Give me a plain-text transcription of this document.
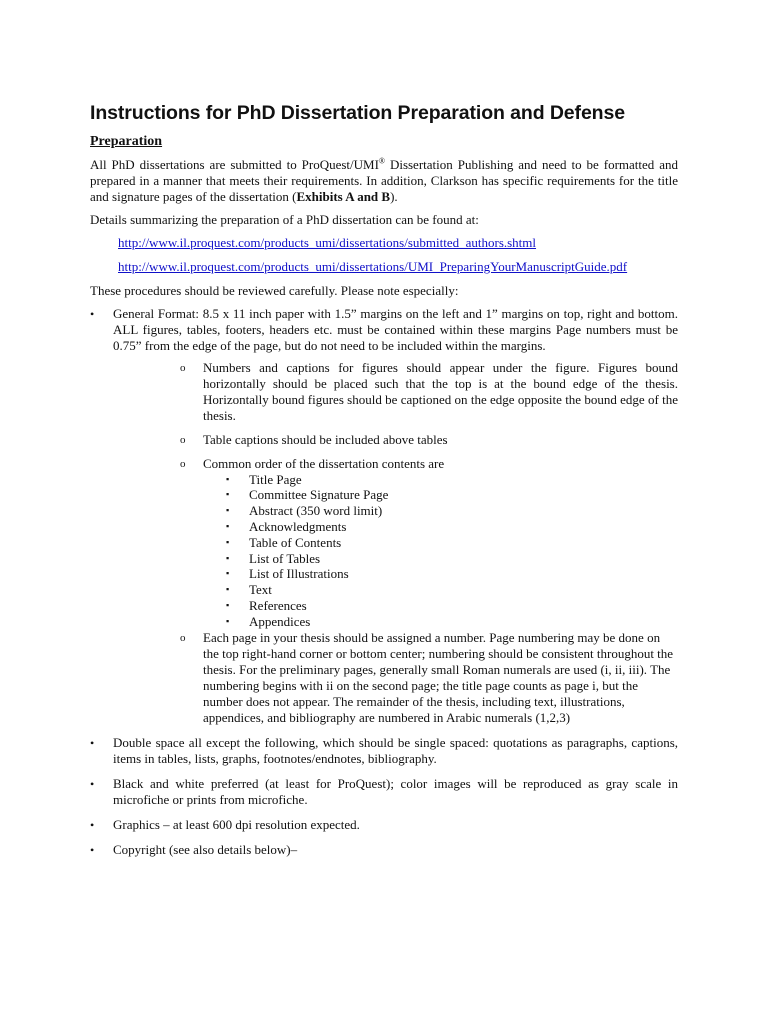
Instructions for PhD Dissertation Preparation and Defense
Preparation

All PhD dissertations are submitted to ProQuest/UMI® Dissertation Publishing and need to be formatted and prepared in a manner that meets their requirements. In addition, Clarkson has specific requirements for the title and signature pages of the dissertation (Exhibits A and B).

Details summarizing the preparation of a PhD dissertation can be found at:

http://www.il.proquest.com/products_umi/dissertations/submitted_authors.shtml
http://www.il.proquest.com/products_umi/dissertations/UMI_PreparingYourManuscriptGuide.pdf

These procedures should be reviewed carefully. Please note especially:

• General Format: 8.5 x 11 inch paper with 1.5” margins on the left and 1” margins on top, right and bottom. ALL figures, tables, footers, headers etc. must be contained within these margins Page numbers must be 0.75” from the edge of the page, but do not need to be included within the margins.
o Numbers and captions for figures should appear under the figure. Figures bound horizontally should be placed such that the top is at the bound edge of the thesis. Horizontally bound figures should be captioned on the edge opposite the bound edge of the thesis.
o Table captions should be included above tables
o Common order of the dissertation contents are
▪ Title Page
▪ Committee Signature Page
▪ Abstract (350 word limit)
▪ Acknowledgments
▪ Table of Contents
▪ List of Tables
▪ List of Illustrations
▪ Text
▪ References
▪ Appendices
o Each page in your thesis should be assigned a number. Page numbering may be done on the top right-hand corner or bottom center; numbering should be consistent throughout the thesis. For the preliminary pages, generally small Roman numerals are used (i, ii, iii). The numbering begins with ii on the second page; the title page counts as page i, but the number does not appear. The remainder of the thesis, including text, illustrations, appendices, and bibliography are numbered in Arabic numerals (1,2,3)
• Double space all except the following, which should be single spaced: quotations as paragraphs, captions, items in tables, lists, graphs, footnotes/endnotes, bibliography.
• Black and white preferred (at least for ProQuest); color images will be reproduced as gray scale in microfiche or prints from microfiche.
• Graphics – at least 600 dpi resolution expected.
• Copyright (see also details below)–
